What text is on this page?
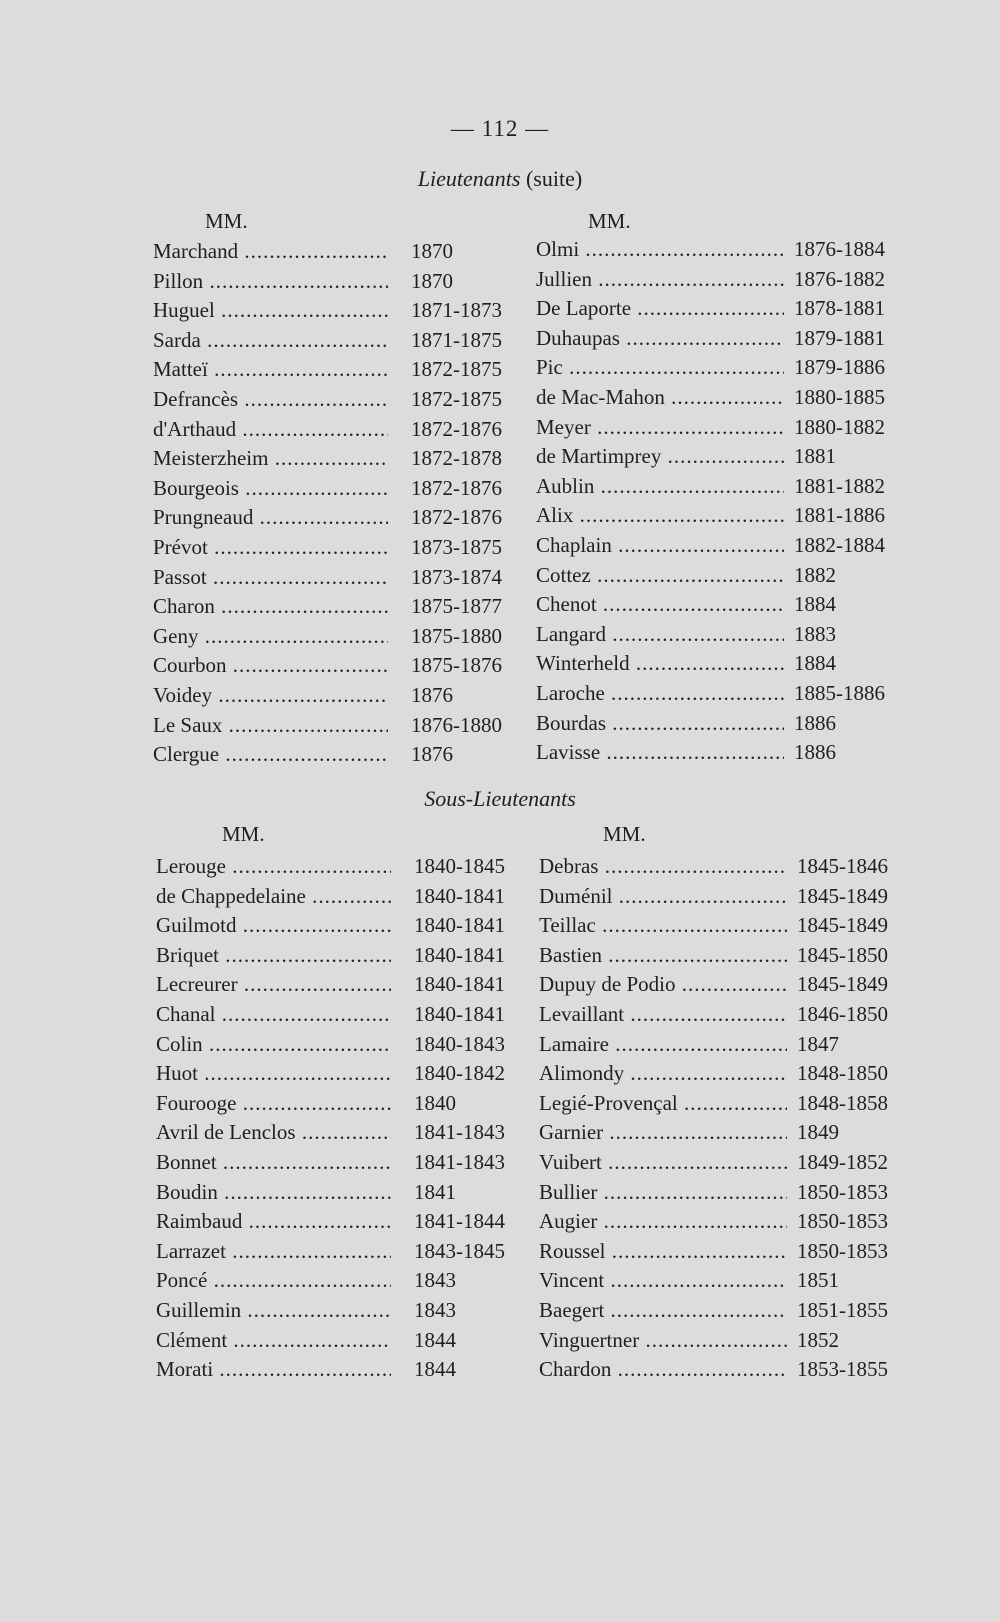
— 112 —
Lieutenants (suite)
MM.	MM.
Marchand .....	1870
Pillon .....	1870
Huguel .....	1871-1873
Sarda .....	1871-1875
Matteï .....	1872-1875
Defrancès .....	1872-1875
d'Arthaud .....	1872-1876
Meisterzheim .....	1872-1878
Bourgeois .....	1872-1876
Prungneaud .....	1872-1876
Prévot .....	1873-1875
Passot .....	1873-1874
Charon .....	1875-1877
Geny .....	1875-1880
Courbon .....	1875-1876
Voidey .....	1876
Le Saux .....	1876-1880
Clergue .....	1876
Olmi .....	1876-1884
Jullien .....	1876-1882
De Laporte .....	1878-1881
Duhaupas .....	1879-1881
Pic .....	1879-1886
de Mac-Mahon .....	1880-1885
Meyer .....	1880-1882
de Martimprey .....	1881
Aublin .....	1881-1882
Alix .....	1881-1886
Chaplain .....	1882-1884
Cottez .....	1882
Chenot .....	1884
Langard .....	1883
Winterheld .....	1884
Laroche .....	1885-1886
Bourdas .....	1886
Lavisse .....	1886
Sous-Lieutenants
MM.	MM.
Lerouge .....	1840-1845
de Chappedelaine .....	1840-1841
Guilmotd .....	1840-1841
Briquet .....	1840-1841
Lecreurer .....	1840-1841
Chanal .....	1840-1841
Colin .....	1840-1843
Huot .....	1840-1842
Fourooge .....	1840
Avril de Lenclos .....	1841-1843
Bonnet .....	1841-1843
Boudin .....	1841
Raimbaud .....	1841-1844
Larrazet .....	1843-1845
Poncé .....	1843
Guillemin .....	1843
Clément .....	1844
Morati .....	1844
Debras .....	1845-1846
Duménil .....	1845-1849
Teillac .....	1845-1849
Bastien .....	1845-1850
Dupuy de Podio .....	1845-1849
Levaillant .....	1846-1850
Lamaire .....	1847
Alimondy .....	1848-1850
Legié-Provençal .....	1848-1858
Garnier .....	1849
Vuibert .....	1849-1852
Bullier .....	1850-1853
Augier .....	1850-1853
Roussel .....	1850-1853
Vincent .....	1851
Baegert .....	1851-1855
Vinguertner .....	1852
Chardon .....	1853-1855
